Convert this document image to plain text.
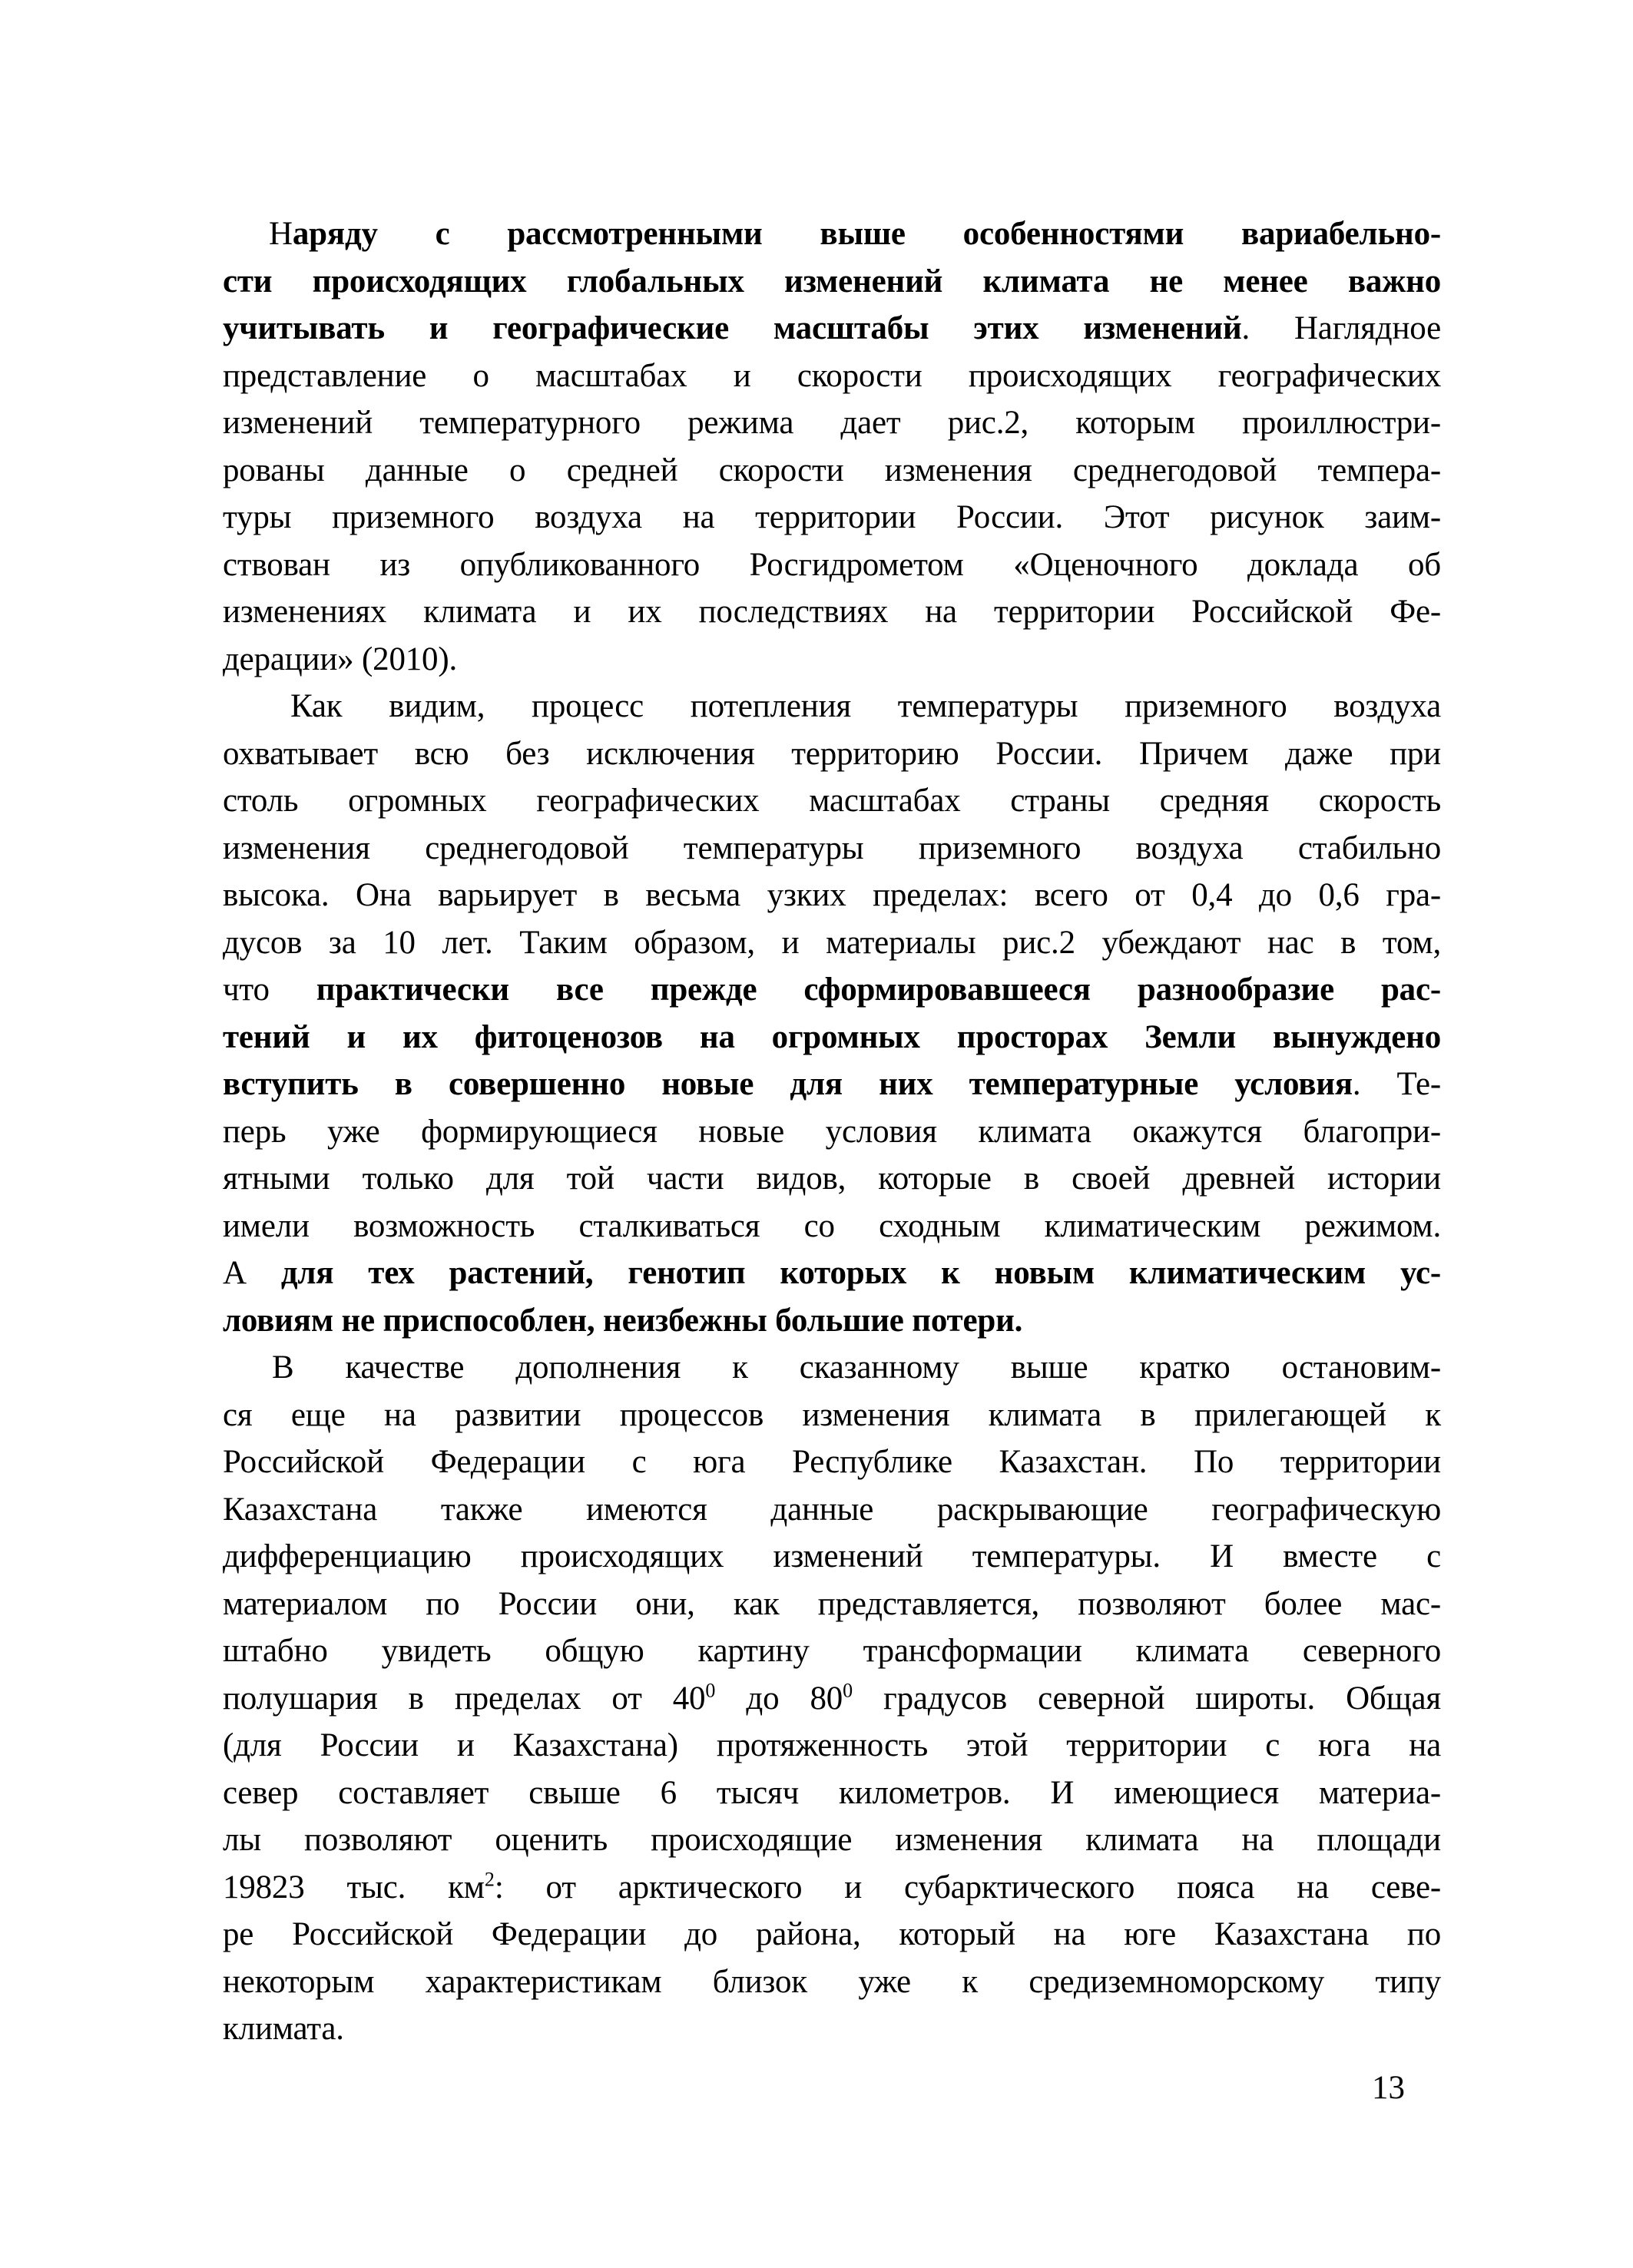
Наряду с рассмотренными выше особенностями вариабельно-
сти происходящих глобальных изменений климата не менее важно
учитывать и географические масштабы этих изменений. Наглядное
представление о масштабах и скорости происходящих географических
изменений температурного режима дает рис.2, которым проиллюстри-
рованы данные о средней скорости изменения среднегодовой темпера-
туры приземного воздуха на территории России. Этот рисунок заим-
ствован из опубликованного Росгидрометом «Оценочного доклада об
изменениях климата и их последствиях на территории Российской Фе-
дерации» (2010).
Как видим, процесс потепления температуры приземного воздуха
охватывает всю без исключения территорию России. Причем даже при
столь огромных географических масштабах страны средняя скорость
изменения среднегодовой температуры приземного воздуха стабильно
высока. Она варьирует в весьма узких пределах: всего от 0,4 до 0,6 гра-
дусов за 10 лет. Таким образом, и материалы рис.2 убеждают нас в том,
что практически все прежде сформировавшееся разнообразие рас-
тений и их фитоценозов на огромных просторах Земли вынуждено
вступить в совершенно новые для них температурные условия. Те-
перь уже формирующиеся новые условия климата окажутся благопри-
ятными только для той части видов, которые в своей древней истории
имели возможность сталкиваться со сходным климатическим режимом.
А для тех растений, генотип которых к новым климатическим ус-
ловиям не приспособлен, неизбежны большие потери.
В качестве дополнения к сказанному выше кратко остановим-
ся еще на развитии процессов изменения климата в прилегающей к
Российской Федерации с юга Республике Казахстан. По территории
Казахстана также имеются данные раскрывающие географическую
дифференциацию происходящих изменений температуры. И вместе с
материалом по России они, как представляется, позволяют более мас-
штабно увидеть общую картину трансформации климата северного
полушария в пределах от $40^0$ до $80^0$ градусов северной широты. Общая
(для России и Казахстана) протяженность этой территории с юга на
север составляет свыше 6 тысяч километров. И имеющиеся материа-
лы позволяют оценить происходящие изменения климата на площади
19823 тыс. $км^2$: от арктического и субарктического пояса на севе-
ре Российской Федерации до района, который на юге Казахстана по
некоторым характеристикам близок уже к средиземноморскому типу
климата.
13
